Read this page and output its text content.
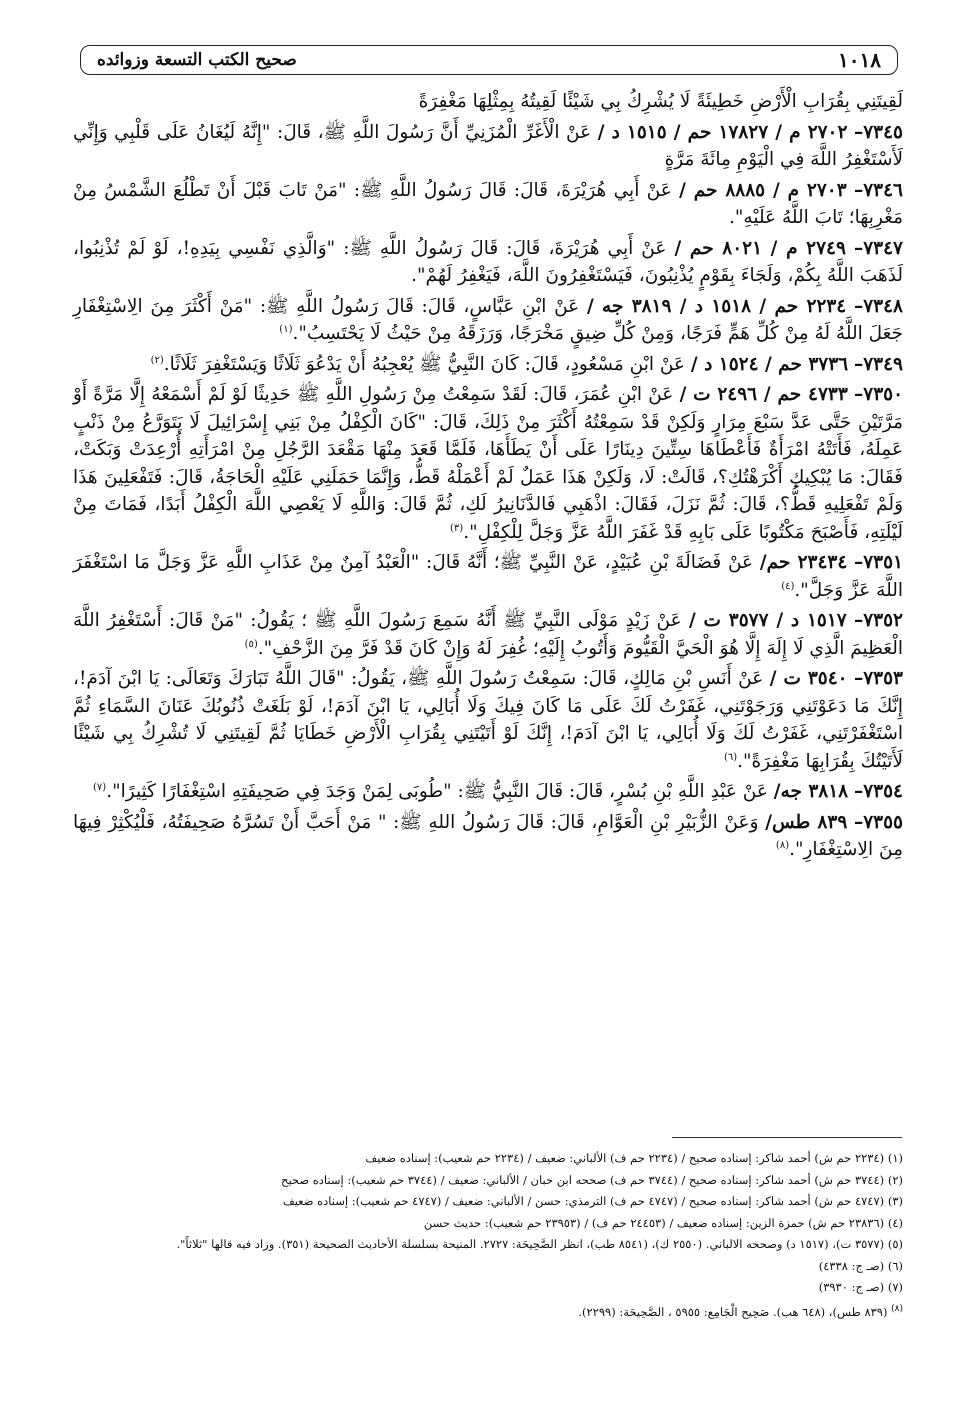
١٠١٨
صحيح الكتب التسعة وزوائده

لَقِيتَنِي بِقُرَابِ الْأَرْضِ خَطِيئَةً لَا يُشْرِكُ بِي شَيْئًا لَقِيتُهُ بِمِثْلِهَا مَغْفِرَةً

٧٣٤٥– ٢٧٠٢ م / ١٧٨٢٧ حم / ١٥١٥ د / عَنْ الْأَغَرِّ الْمُزَنِيِّ أَنَّ رَسُولَ اللَّهِ ﷺ، قَالَ: "إِنَّهُ لَيُغَانُ عَلَى قَلْبِي وَإِنِّي لَأَسْتَغْفِرُ اللَّهَ فِي الْيَوْمِ مِائَةَ مَرَّةٍ

٧٣٤٦– ٢٧٠٣ م / ٨٨٨٥ حم / عَنْ أَبِي هُرَيْرَةَ، قَالَ: قَالَ رَسُولُ اللَّهِ ﷺ: "مَنْ تَابَ قَبْلَ أَنْ تَطْلُعَ الشَّمْسُ مِنْ مَغْرِبِهَا؛ تَابَ اللَّهُ عَلَيْهِ".

٧٣٤٧– ٢٧٤٩ م / ٨٠٢١ حم / عَنْ أَبِي هُرَيْرَةَ، قَالَ: قَالَ رَسُولُ اللَّهِ ﷺ: "وَالَّذِي نَفْسِي بِيَدِهِ!، لَوْ لَمْ تُذْنِبُوا، لَذَهَبَ اللَّهُ بِكُمْ، وَلَجَاءَ بِقَوْمٍ يُذْنِبُونَ، فَيَسْتَغْفِرُونَ اللَّهَ، فَيَغْفِرُ لَهُمْ".

٧٣٤٨– ٢٢٣٤ حم / ١٥١٨ د / ٣٨١٩ جه / عَنْ ابْنِ عَبَّاسٍ، قَالَ: قَالَ رَسُولُ اللَّهِ ﷺ: "مَنْ أَكْثَرَ مِنَ الِاسْتِغْفَارِ جَعَلَ اللَّهُ لَهُ مِنْ كُلِّ هَمٍّ فَرَجًا، وَمِنْ كُلِّ ضِيقٍ مَخْرَجًا، وَرَزَقَهُ مِنْ حَيْثُ لَا يَحْتَسِبُ".$^{(١)}$

٧٣٤٩– ٣٧٣٦ حم / ١٥٢٤ د / عَنْ ابْنِ مَسْعُودٍ، قَالَ: كَانَ النَّبِيُّ ﷺ يُعْجِبُهُ أَنْ يَدْعُوَ ثَلَاثًا وَيَسْتَغْفِرَ ثَلَاثًا.$^{(٢)}$

٧٣٥٠– ٤٧٣٣ حم / ٢٤٩٦ ت / عَنْ ابْنِ عُمَرَ، قَالَ: لَقَدْ سَمِعْتُ مِنْ رَسُولِ اللَّهِ ﷺ حَدِيثًا لَوْ لَمْ أَسْمَعْهُ إِلَّا مَرَّةً أَوْ مَرَّتَيْنِ حَتَّى عَدَّ سَبْعَ مِرَارٍ وَلَكِنْ قَدْ سَمِعْتُهُ أَكْثَرَ مِنْ ذَلِكَ، قَالَ: "كَانَ الْكِفْلُ مِنْ بَنِي إِسْرَائِيلَ لَا يَتَوَرَّعُ مِنْ ذَنْبٍ عَمِلَهُ، فَأَتَتْهُ امْرَأَةٌ فَأَعْطَاهَا سِتِّينَ دِينَارًا عَلَى أَنْ يَطَأَهَا، فَلَمَّا قَعَدَ مِنْهَا مَقْعَدَ الرَّجُلِ مِنْ امْرَأَتِهِ أُرْعِدَتْ وَبَكَتْ، فَقَالَ: مَا يُبْكِيكِ أَكْرَهْتُكِ؟، قَالَتْ: لَا، وَلَكِنْ هَذَا عَمَلٌ لَمْ أَعْمَلْهُ قَطُّ، وَإِنَّمَا حَمَلَنِي عَلَيْهِ الْحَاجَةُ، قَالَ: فَتَفْعَلِينَ هَذَا وَلَمْ تَفْعَلِيهِ قَطُّ؟، قَالَ: ثُمَّ نَزَلَ، فَقَالَ: اذْهَبِي فَالدَّنَانِيرُ لَكِ، ثُمَّ قَالَ: وَاللَّهِ لَا يَعْصِي اللَّهَ الْكِفْلُ أَبَدًا، فَمَاتَ مِنْ لَيْلَتِهِ، فَأَصْبَحَ مَكْتُوبًا عَلَى بَابِهِ قَدْ غَفَرَ اللَّهُ عَزَّ وَجَلَّ لِلْكِفْلِ".$^{(٣)}$

٧٣٥١– ٢٣٤٣٤ حم/ عَنْ فَضَالَةَ بْنِ عُبَيْدٍ، عَنْ النَّبِيِّ ﷺ؛ أَنَّهُ قَالَ: "الْعَبْدُ آمِنٌ مِنْ عَذَابِ اللَّهِ عَزَّ وَجَلَّ مَا اسْتَغْفَرَ اللَّهَ عَزَّ وَجَلَّ".$^{(٤)}$

٧٣٥٢– ١٥١٧ د / ٣٥٧٧ ت / عَنْ زَيْدٍ مَوْلَى النَّبِيِّ ﷺ أَنَّهُ سَمِعَ رَسُولَ اللَّهِ ﷺ ؛ يَقُولُ: "مَنْ قَالَ: أَسْتَغْفِرُ اللَّهَ الْعَظِيمَ الَّذِي لَا إِلَهَ إِلَّا هُوَ الْحَيَّ الْقَيُّومَ وَأَتُوبُ إِلَيْهِ؛ غُفِرَ لَهُ وَإِنْ كَانَ قَدْ فَرَّ مِنَ الزَّحْفِ".$^{(٥)}$

٧٣٥٣– ٣٥٤٠ ت / عَنْ أَنَسِ بْنِ مَالِكٍ، قَالَ: سَمِعْتُ رَسُولَ اللَّهِ ﷺ، يَقُولُ: "قَالَ اللَّهُ تَبَارَكَ وَتَعَالَى: يَا ابْنَ آدَمَ!، إِنَّكَ مَا دَعَوْتَنِي وَرَجَوْتَنِي، غَفَرْتُ لَكَ عَلَى مَا كَانَ فِيكَ وَلَا أُبَالِي، يَا ابْنَ آدَمَ!، لَوْ بَلَغَتْ ذُنُوبُكَ عَنَانَ السَّمَاءِ ثُمَّ اسْتَغْفَرْتَنِي، غَفَرْتُ لَكَ وَلَا أُبَالِي، يَا ابْنَ آدَمَ!، إِنَّكَ لَوْ أَتَيْتَنِي بِقُرَابِ الْأَرْضِ خَطَايَا ثُمَّ لَقِيتَنِي لَا تُشْرِكُ بِي شَيْئًا لَأَتَيْتُكَ بِقُرَابِهَا مَغْفِرَةً".$^{(٦)}$

٧٣٥٤– ٣٨١٨ جه/ عَنْ عَبْدِ اللَّهِ بْنِ بُسْرٍ، قَالَ: قَالَ النَّبِيُّ ﷺ: "طُوبَى لِمَنْ وَجَدَ فِي صَحِيفَتِهِ اسْتِغْفَارًا كَثِيرًا".$^{(٧)}$

٧٣٥٥– ٨٣٩ طس/ وَعَنْ الزُّبَيْرِ بْنِ الْعَوَّامِ، قَالَ: قَالَ رَسُولُ اللهِ ﷺ: " مَنْ أَحَبَّ أَنْ تَسُرَّهُ صَحِيفَتُهُ، فَلْيُكْثِرْ فِيهَا مِنَ الِاسْتِغْفَارِ".$^{(٨)}$

(١) (٢٢٣٤ حم ش) أحمد شاكر: إسناده صحيح / (٢٢٣٤ حم ف) الألباني: ضعيف / (٢٢٣٤ حم شعيب): إسناده ضعيف

(٢) (٣٧٤٤ حم ش) أحمد شاكر: إسناده صحيح / (٣٧٤٤ حم ف) صححه ابن حبان / الألباني: ضعيف / (٣٧٤٤ حم شعيب): إسناده صحيح

(٣) (٤٧٤٧ حم ش) أحمد شاكر: إسناده صحيح / (٤٧٤٧ حم ف) الترمذي: حسن / الألباني: ضعيف / (٤٧٤٧ حم شعيب): إسناده ضعيف

(٤) (٢٣٨٣٦ حم ش) حمزة الزين: إسناده ضعيف / (٢٤٤٥٣ حم ف) / (٢٣٩٥٣ حم شعيب): حديث حسن

(٥) (٣٥٧٧ ت)، (١٥١٧ د) وصححه الالباني. (٢٥٥٠ ك)، (٨٥٤١ طب)، انظر الصَّحِيحَة: ٢٧٢٧. المنيحة بسلسلة الأحاديث الصحيحة (٣٥١). وزاد فيه قالها "ثلاثاً".

(٦) (صـ ج: ٤٣٣٨)

(٧) (صـ ج: ٣٩٣٠)

$^{(٨)}$ (٨٣٩ طس)، (٦٤٨ هب). صَحِيح الْجَامِع: ٥٩٥٥ ، الصَّحِيحَة: (٢٢٩٩).
